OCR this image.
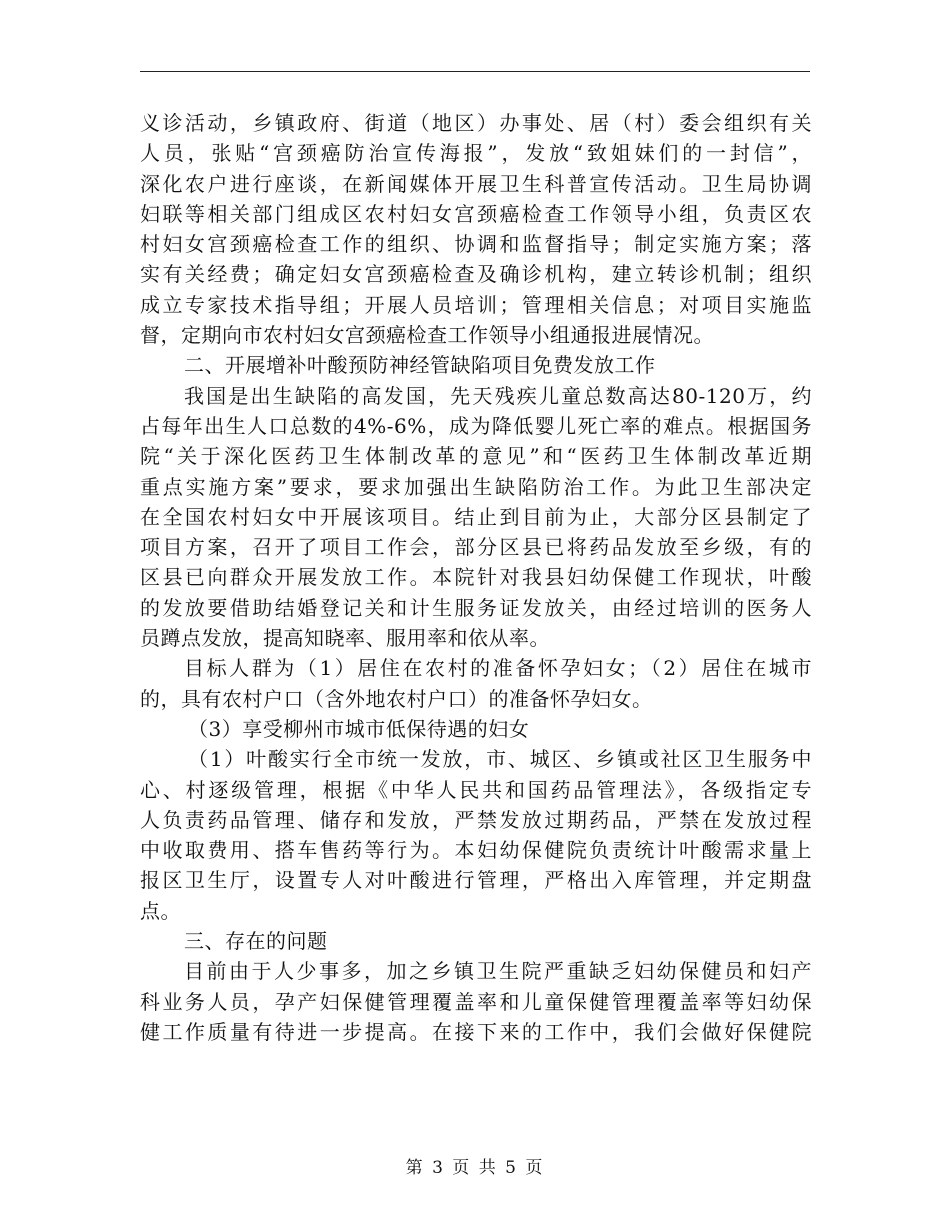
义诊活动，乡镇政府、街道（地区）办事处、居（村）委会组织有关
人员，张贴“宫颈癌防治宣传海报”，发放“致姐妹们的一封信”，
深化农户进行座谈，在新闻媒体开展卫生科普宣传活动。卫生局协调
妇联等相关部门组成区农村妇女宫颈癌检查工作领导小组，负责区农
村妇女宫颈癌检查工作的组织、协调和监督指导；制定实施方案；落
实有关经费；确定妇女宫颈癌检查及确诊机构，建立转诊机制；组织
成立专家技术指导组；开展人员培训；管理相关信息；对项目实施监
督，定期向市农村妇女宫颈癌检查工作领导小组通报进展情况。
二、开展增补叶酸预防神经管缺陷项目免费发放工作
我国是出生缺陷的高发国，先天残疾儿童总数高达80-120万，约
占每年出生人口总数的4%-6%，成为降低婴儿死亡率的难点。根据国务
院“关于深化医药卫生体制改革的意见”和“医药卫生体制改革近期
重点实施方案”要求，要求加强出生缺陷防治工作。为此卫生部决定
在全国农村妇女中开展该项目。结止到目前为止，大部分区县制定了
项目方案，召开了项目工作会，部分区县已将药品发放至乡级，有的
区县已向群众开展发放工作。本院针对我县妇幼保健工作现状，叶酸
的发放要借助结婚登记关和计生服务证发放关，由经过培训的医务人
员蹲点发放，提高知晓率、服用率和依从率。
目标人群为（1）居住在农村的准备怀孕妇女；（2）居住在城市
的，具有农村户口（含外地农村户口）的准备怀孕妇女。
（3）享受柳州市城市低保待遇的妇女
（1）叶酸实行全市统一发放，市、城区、乡镇或社区卫生服务中
心、村逐级管理，根据《中华人民共和国药品管理法》，各级指定专
人负责药品管理、储存和发放，严禁发放过期药品，严禁在发放过程
中收取费用、搭车售药等行为。本妇幼保健院负责统计叶酸需求量上
报区卫生厅，设置专人对叶酸进行管理，严格出入库管理，并定期盘
点。
三、存在的问题
目前由于人少事多，加之乡镇卫生院严重缺乏妇幼保健员和妇产
科业务人员，孕产妇保健管理覆盖率和儿童保健管理覆盖率等妇幼保
健工作质量有待进一步提高。在接下来的工作中，我们会做好保健院
第 3 页 共 5 页
